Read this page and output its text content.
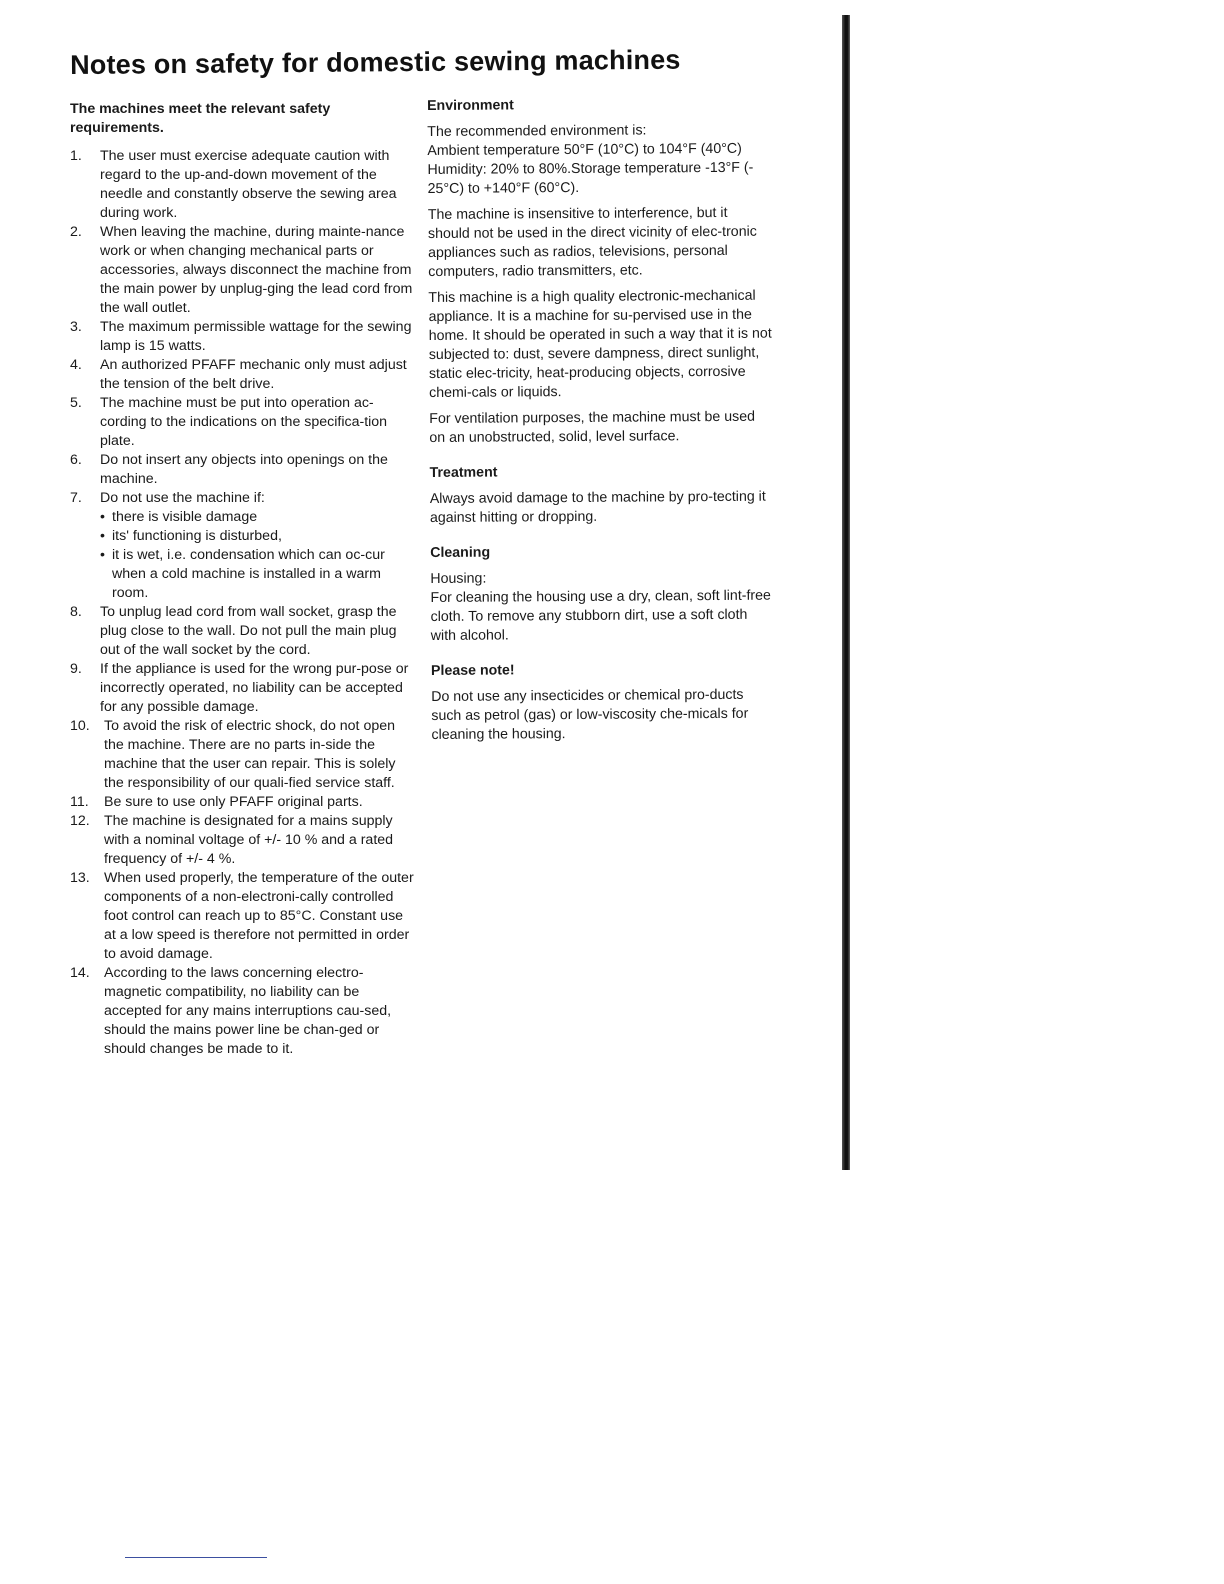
Notes on safety for domestic sewing machines
The machines meet the relevant safety requirements.
1.	The user must exercise adequate caution with regard to the up-and-down movement of the needle and constantly observe the sewing area during work.
2.	When leaving the machine, during mainte-nance work or when changing mechanical parts or accessories, always disconnect the machine from the main power by unplug-ging the lead cord from the wall outlet.
3.	The maximum permissible wattage for the sewing lamp is 15 watts.
4.	An authorized PFAFF mechanic only must adjust the tension of the belt drive.
5.	The machine must be put into operation ac-cording to the indications on the specifica-tion plate.
6.	Do not insert any objects into openings on the machine.
7.	Do not use the machine if:
• there is visible damage
• its' functioning is disturbed,
• it is wet, i.e. condensation which can oc-cur when a cold machine is installed in a warm room.
8.	To unplug lead cord from wall socket, grasp the plug close to the wall. Do not pull the main plug out of the wall socket by the cord.
9.	If the appliance is used for the wrong pur-pose or incorrectly operated, no liability can be accepted for any possible damage.
10.	To avoid the risk of electric shock, do not open the machine. There are no parts in-side the machine that the user can repair. This is solely the responsibility of our quali-fied service staff.
11.	Be sure to use only PFAFF original parts.
12.	The machine is designated for a mains supply with a nominal voltage of +/- 10 % and a rated frequency of +/- 4 %.
13.	When used properly, the temperature of the outer components of a non-electroni-cally controlled foot control can reach up to 85°C. Constant use at a low speed is therefore not permitted in order to avoid damage.
14.	According to the laws concerning electro-magnetic compatibility, no liability can be accepted for any mains interruptions cau-sed, should the mains power line be chan-ged or should changes be made to it.
Environment
The recommended environment is:
Ambient temperature 50°F (10°C) to 104°F (40°C)
Humidity: 20% to 80%.Storage temperature -13°F (- 25°C) to +140°F (60°C).
The machine is insensitive to interference, but it should not be used in the direct vicinity of elec-tronic appliances such as radios, televisions, personal computers, radio transmitters, etc.
This machine is a high quality electronic-mechanical appliance. It is a machine for su-pervised use in the home. It should be operated in such a way that it is not subjected to: dust, severe dampness, direct sunlight, static elec-tricity, heat-producing objects, corrosive chemi-cals or liquids.
For ventilation purposes, the machine must be used on an unobstructed, solid, level surface.
Treatment
Always avoid damage to the machine by pro-tecting it against hitting or dropping.
Cleaning
Housing:
For cleaning the housing use a dry, clean, soft lint-free cloth. To remove any stubborn dirt, use a soft cloth with alcohol.
Please note!
Do not use any insecticides or chemical pro-ducts such as petrol (gas) or low-viscosity che-micals for cleaning the housing.
